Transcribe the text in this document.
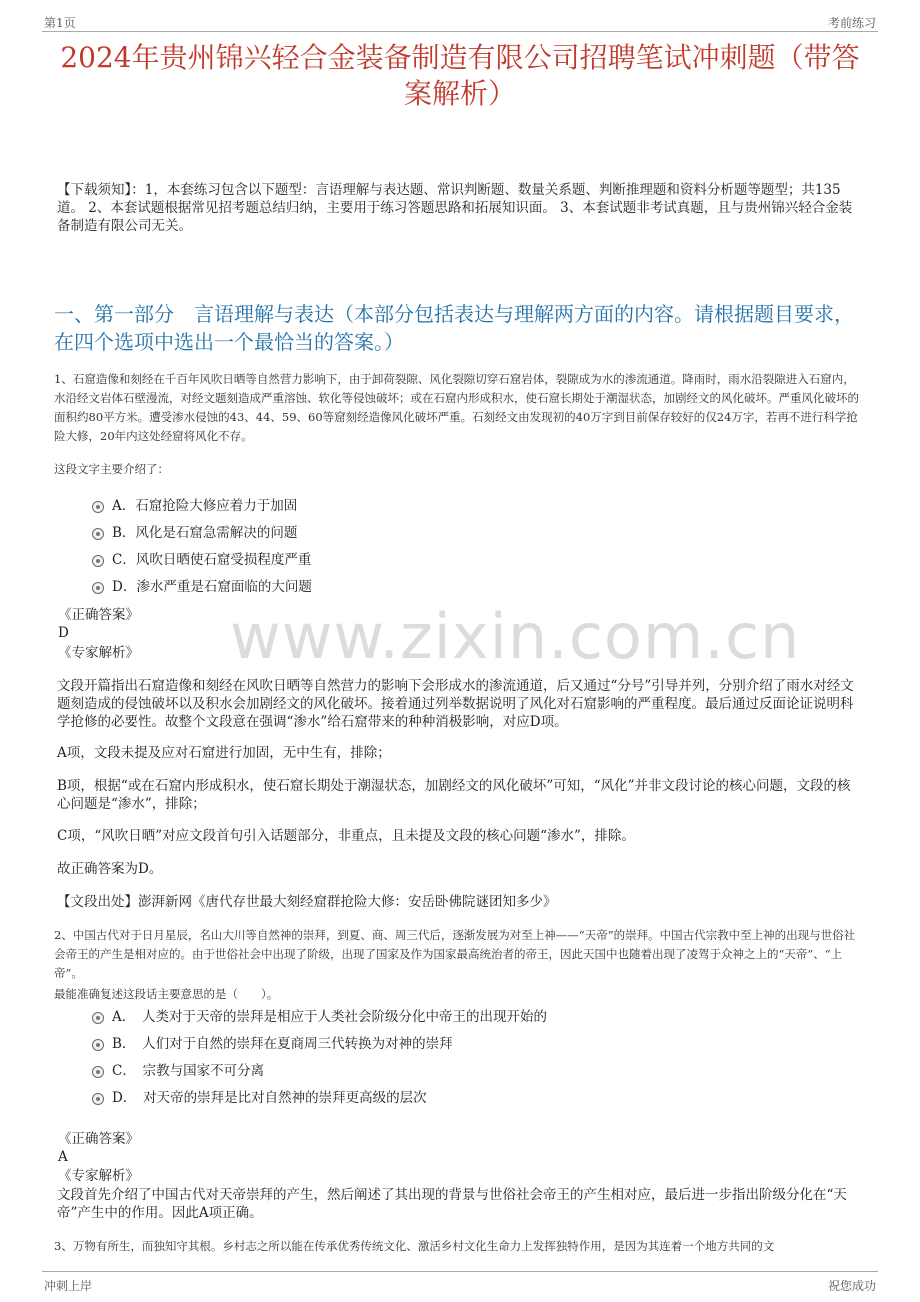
第1页	考前练习
2024年贵州锦兴轻合金装备制造有限公司招聘笔试冲刺题（带答案解析）
【下载须知】：1，本套练习包含以下题型：言语理解与表达题、常识判断题、数量关系题、判断推理题和资料分析题等题型；共135道。 2、本套试题根据常见招考题总结归纳，主要用于练习答题思路和拓展知识面。 3、本套试题非考试真题，且与贵州锦兴轻合金装备制造有限公司无关。
一、第一部分　言语理解与表达（本部分包括表达与理解两方面的内容。请根据题目要求，在四个选项中选出一个最恰当的答案。）
1、石窟造像和刻经在千百年风吹日晒等自然营力影响下，由于卸荷裂隙、风化裂隙切穿石窟岩体，裂隙成为水的渗流通道。降雨时，雨水沿裂隙进入石窟内，水沿经文岩体石壁漫流，对经文题刻造成严重溶蚀、软化等侵蚀破坏；或在石窟内形成积水，使石窟长期处于潮湿状态，加剧经文的风化破坏。严重风化破坏的面积约80平方米。遭受渗水侵蚀的43、44、59、60等窟刻经造像风化破坏严重。石刻经文由发现初的40万字到目前保存较好的仅24万字，若再不进行科学抢险大修，20年内这处经窟将风化不存。
这段文字主要介绍了：
A．石窟抢险大修应着力于加固
B．风化是石窟急需解决的问题
C．风吹日晒使石窟受损程度严重
D．渗水严重是石窟面临的大问题
《正确答案》
D
《专家解析》 www.zixin.com.cn
文段开篇指出石窟造像和刻经在风吹日晒等自然营力的影响下会形成水的渗流通道，后又通过“分号”引导并列，分别介绍了雨水对经文题刻造成的侵蚀破坏以及积水会加剧经文的风化破坏。接着通过列举数据说明了风化对石窟影响的严重程度。最后通过反面论证说明科学抢修的必要性。故整个文段意在强调“渗水”给石窟带来的种种消极影响，对应D项。
A项，文段未提及应对石窟进行加固，无中生有，排除；
B项，根据“或在石窟内形成积水，使石窟长期处于潮湿状态，加剧经文的风化破坏”可知，“风化”并非文段讨论的核心问题，文段的核心问题是“渗水”，排除；
C项，“风吹日晒”对应文段首句引入话题部分，非重点，且未提及文段的核心问题“渗水”，排除。
故正确答案为D。
【文段出处】澎湃新网《唐代存世最大刻经窟群抢险大修：安岳卧佛院谜团知多少》
2、中国古代对于日月星辰，名山大川等自然神的崇拜，到夏、商、周三代后，逐渐发展为对至上神——“天帝”的崇拜。中国古代宗教中至上神的出现与世俗社会帝王的产生是相对应的。由于世俗社会中出现了阶级，出现了国家及作为国家最高统治者的帝王，因此天国中也随着出现了凌驾于众神之上的“天帝”、“上帝”。
最能准确复述这段话主要意思的是（　　）。
A．　人类对于天帝的崇拜是相应于人类社会阶级分化中帝王的出现开始的
B．　人们对于自然的崇拜在夏商周三代转换为对神的崇拜
C．　宗教与国家不可分离
D．　对天帝的崇拜是比对自然神的崇拜更高级的层次
《正确答案》
A
《专家解析》
文段首先介绍了中国古代对天帝崇拜的产生，然后阐述了其出现的背景与世俗社会帝王的产生相对应，最后进一步指出阶级分化在“天帝”产生中的作用。因此A项正确。
3、万物有所生，而独知守其根。乡村志之所以能在传承优秀传统文化、激活乡村文化生命力上发挥独特作用，是因为其连着一个地方共同的文
冲刺上岸	祝您成功
